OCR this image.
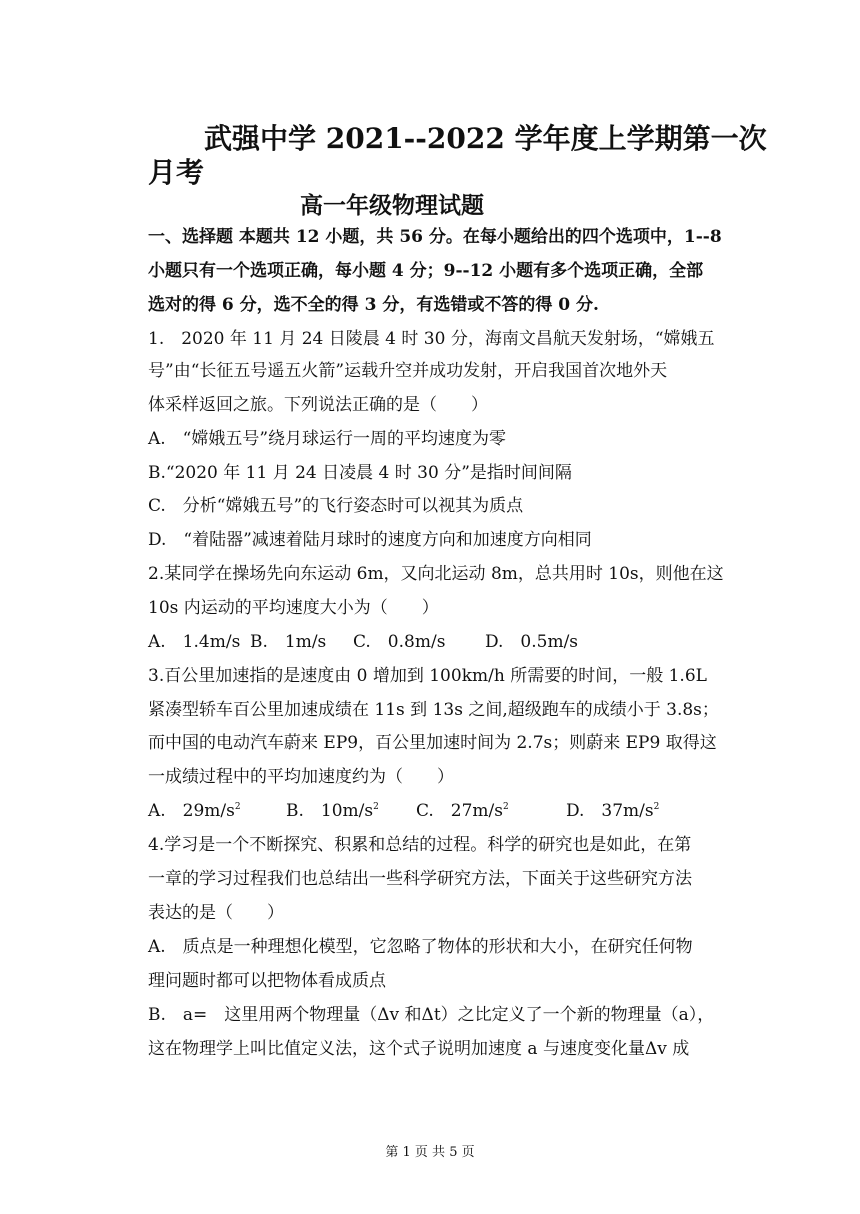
武强中学 2021--2022 学年度上学期第一次
月考
高一年级物理试题
一、选择题 本题共 12 小题，共 56 分。在每小题给出的四个选项中，1--8
小题只有一个选项正确，每小题 4 分；9--12 小题有多个选项正确，全部
选对的得 6 分，选不全的得 3 分，有选错或不答的得 0 分.
1.　2020 年 11 月 24 日陵晨 4 时 30 分，海南文昌航天发射场，“嫦娥五
号”由“长征五号遥五火箭”运载升空并成功发射，开启我国首次地外天
体采样返回之旅。下列说法正确的是（　　）
A.　“嫦娥五号”绕月球运行一周的平均速度为零
B.“2020 年 11 月 24 日凌晨 4 时 30 分”是指时间间隔
C.　分析“嫦娥五号”的飞行姿态时可以视其为质点
D.　“着陆器”减速着陆月球时的速度方向和加速度方向相同
2.某同学在操场先向东运动 6m，又向北运动 8m，总共用时 10s，则他在这
10s 内运动的平均速度大小为（　　）
A.　1.4m/s B.　1m/s C.　0.8m/s D.　0.5m/s
3.百公里加速指的是速度由 0 增加到 100km/h 所需要的时间，一般 1.6L
紧凑型轿车百公里加速成绩在 11s 到 13s 之间,超级跑车的成绩小于 3.8s；
而中国的电动汽车蔚来 EP9，百公里加速时间为 2.7s；则蔚来 EP9 取得这
一成绩过程中的平均加速度约为（　　）
A.　$29m/s^2$	B.　$10m/s^2$ C.　$27m/s^2$	D.　$37m/s^2$
4.学习是一个不断探究、积累和总结的过程。科学的研究也是如此，在第
一章的学习过程我们也总结出一些科学研究方法，下面关于这些研究方法
表达的是（　　）
A.　质点是一种理想化模型，它忽略了物体的形状和大小，在研究任何物
理问题时都可以把物体看成质点
B.　a=　这里用两个物理量（Δv 和Δt）之比定义了一个新的物理量（a），
这在物理学上叫比值定义法，这个式子说明加速度 a 与速度变化量Δv 成
第 1 页 共 5 页
